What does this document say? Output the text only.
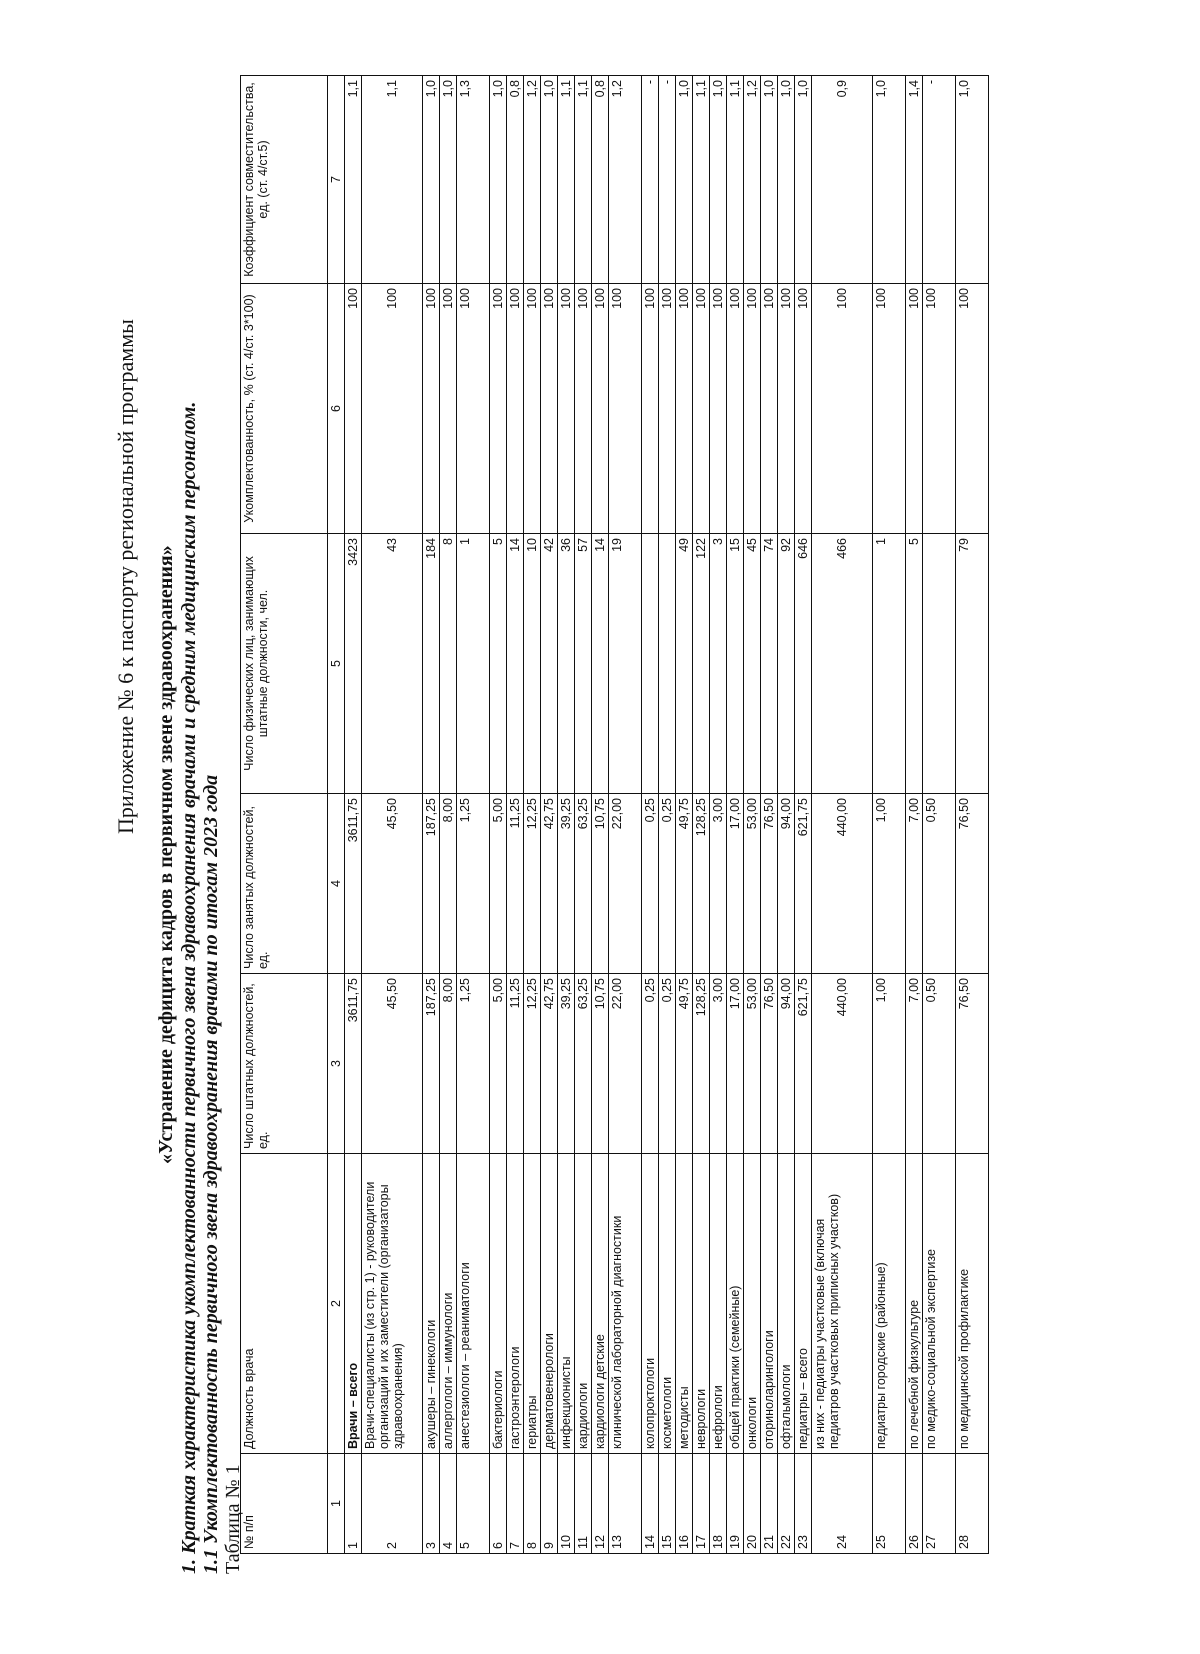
Приложение № 6 к паспорту региональной программы «Устранение дефицита кадров в первичном звене здравоохранения» 1. Краткая характеристика укомплектованности первичного звена здравоохранения врачами и средним медицинским персоналом. 1.1 Укомплектованность первичного звена здравоохранения врачами по итогам 2023 года Таблица № 1
№ п/п	Должность врача	Число штатных должностей, ед.	Число занятых должностей, ед.	Число физических лиц, занимающих штатные должности, чел.	Укомплектованность, % (ст. 4/ст. 3*100)	Коэффициент совместительства, ед. (ст. 4/ст.5)
1	2	3	4	5	6	7
1	Врачи – всего	3611,75	3611,75	3423	100	1,1
2	Врачи-специалисты (из стр. 1) - руководители организаций и их заместители (организаторы здравоохранения)	45,50	45,50	43	100	1,1
3	акушеры – гинекологи	187,25	187,25	184	100	1,0
4	аллергологи – иммунологи	8,00	8,00	8	100	1,0
5	анестезиологи – реаниматологи	1,25	1,25	1	100	1,3
6	бактериологи	5,00	5,00	5	100	1,0
7	гастроэнтерологи	11,25	11,25	14	100	0,8
8	гериатры	12,25	12,25	10	100	1,2
9	дерматовенерологи	42,75	42,75	42	100	1,0
10	инфекционисты	39,25	39,25	36	100	1,1
11	кардиологи	63,25	63,25	57	100	1,1
12	кардиологи детские	10,75	10,75	14	100	0,8
13	клинической лабораторной диагностики	22,00	22,00	19	100	1,2
14	колопроктологи	0,25	0,25		100	-
15	косметологи	0,25	0,25		100	-
16	методисты	49,75	49,75	49	100	1,0
17	неврологи	128,25	128,25	122	100	1,1
18	нефрологи	3,00	3,00	3	100	1,0
19	общей практики (семейные)	17,00	17,00	15	100	1,1
20	онкологи	53,00	53,00	45	100	1,2
21	оториноларингологи	76,50	76,50	74	100	1,0
22	офтальмологи	94,00	94,00	92	100	1,0
23	педиатры – всего	621,75	621,75	646	100	1,0
24	из них - педиатры участковые (включая педиатров участковых приписных участков)	440,00	440,00	466	100	0,9
25	педиатры городские (районные)	1,00	1,00	1	100	1,0
26	по лечебной физкультуре	7,00	7,00	5	100	1,4
27	по медико-социальной экспертизе	0,50	0,50		100	-
28	по медицинской профилактике	76,50	76,50	79	100	1,0
